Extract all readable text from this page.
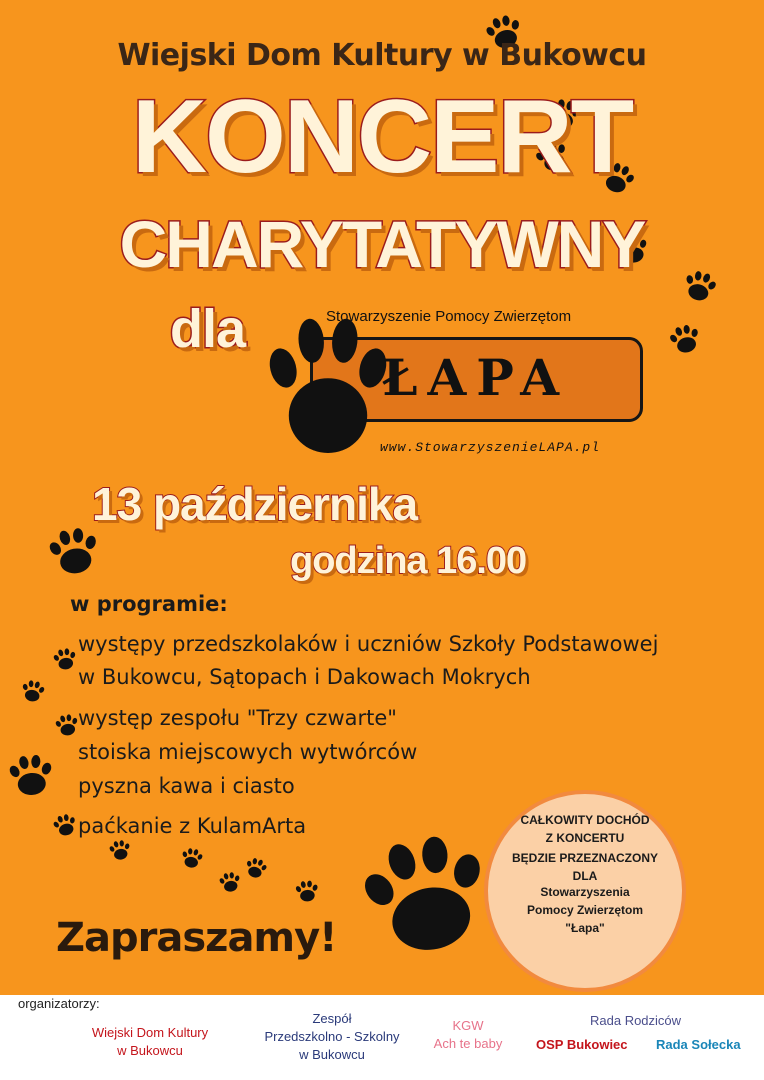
Wiejski Dom Kultury w Bukowcu
KONCERT
CHARYTATYWNY
dla	Stowarzyszenie Pomocy Zwierzętom
ŁAPA
www.StowarzyszenieLAPA.pl
13 października
godzina 16.00
w programie:
występy przedszkolaków i uczniów Szkoły Podstawowej
w Bukowcu, Sątopach i Dakowach Mokrych
występ zespołu "Trzy czwarte"
stoiska miejscowych wytwórców
pyszna kawa i ciasto
paćkanie z KulamArta	CAŁKOWITY DOCHÓD
Z KONCERTU
BĘDZIE PRZEZNACZONY
DLA
Stowarzyszenia
Pomocy Zwierzętom
"Łapa"
Zapraszamy!
organizatorzy:
Wiejski Dom Kultury
w Bukowcu
Zespół
Przedszkolno - Szkolny
w Bukowcu
KGW
Ach te baby
Rada Rodziców
OSP Bukowiec Rada Sołecka
